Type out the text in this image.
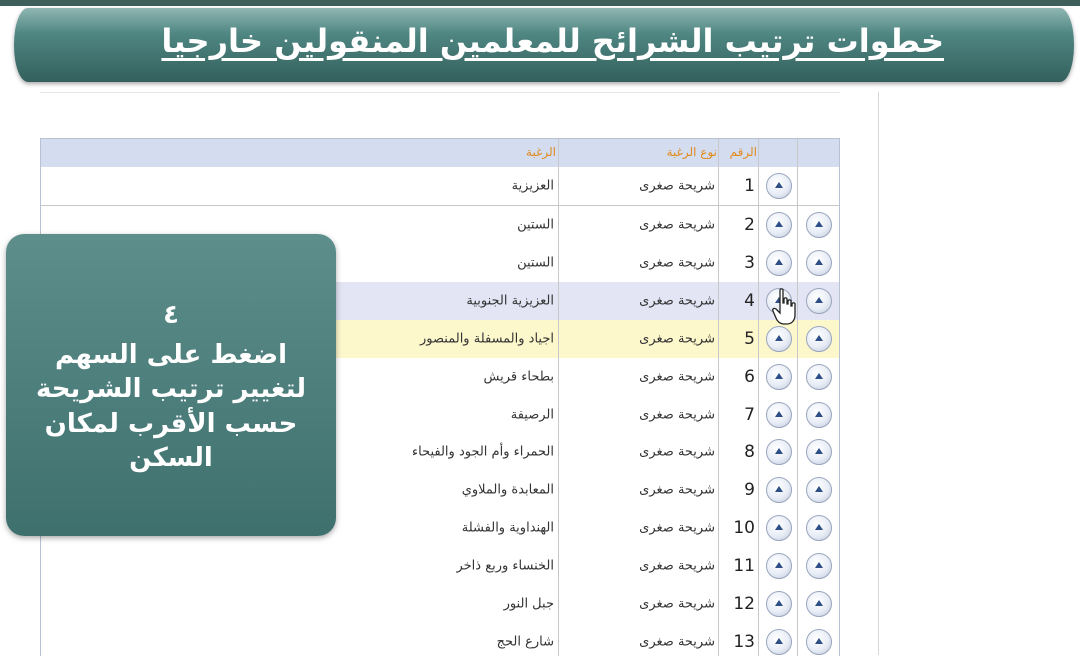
خطوات ترتيب الشرائح للمعلمين المنقولين خارجيا
الرغبة	نوع الرغبة الرقم
العزيزية	شريحة صغرى 1
الستين	شريحة صغرى 2
الستين	شريحة صغرى 3
العزيزية الجنوبية	شريحة صغرى 4
اجياد والمسفلة والمنصور	شريحة صغرى 5
بطحاء قريش	شريحة صغرى 6
الرصيفة	شريحة صغرى 7
الحمراء وأم الجود والفيحاء	شريحة صغرى 8
المعابدة والملاوي	شريحة صغرى 9
الهنداوية والفشلة	شريحة صغرى 10
الخنساء وربع ذاخر	شريحة صغرى 11
جبل النور	شريحة صغرى 12
شارع الحج	شريحة صغرى 13
٤
اضغط على السهم لتغيير ترتيب الشريحة حسب الأقرب لمكان السكن
